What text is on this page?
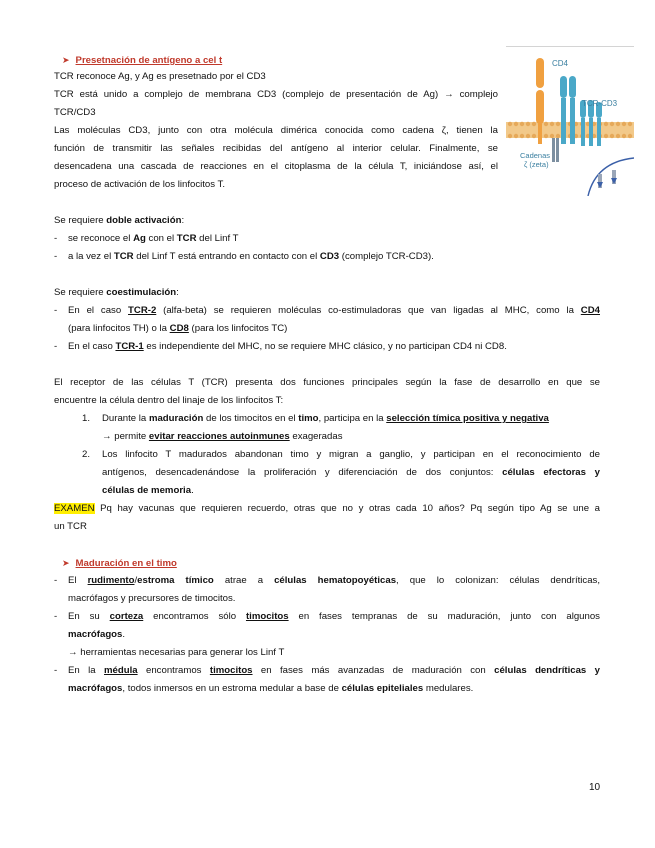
➤ Presetnación de antígeno a cel t
TCR reconoce Ag, y Ag es presetnado por el CD3
TCR está unido a complejo de membrana CD3 (complejo de presentación de Ag) → complejo
TCR/CD3
Las moléculas CD3, junto con otra molécula dimérica conocida como cadena ζ, tienen la
función de transmitir las señales recibidas del antígeno al interior celular. Finalmente, se
desencadena una cascada de reacciones en el citoplasma de la célula T, iniciándose así, el
proceso de activación de los linfocitos T.
CD4
TCR-CD3
Cadenas
ζ (zeta)
Se requiere doble activación:
- se reconoce el Ag con el TCR del Linf T
- a la vez el TCR del Linf T está entrando en contacto con el CD3 (complejo TCR-CD3).
Se requiere coestimulación:
- En el caso TCR-2 (alfa-beta) se requieren moléculas co-estimuladoras que van ligadas al MHC, como la CD4
(para linfocitos TH) o la CD8 (para los linfocitos TC)
- En el caso TCR-1 es independiente del MHC, no se requiere MHC clásico, y no participan CD4 ni CD8.
El receptor de las células T (TCR) presenta dos funciones principales según la fase de desarrollo en que se
encuentre la célula dentro del linaje de los linfocitos T:
1. Durante la maduración de los timocitos en el timo, participa en la selección tímica positiva y negativa
→ permite evitar reacciones autoinmunes exageradas
2. Los linfocito T madurados abandonan timo y migran a ganglio, y participan en el reconocimiento de
antígenos, desencadenándose la proliferación y diferenciación de dos conjuntos: células efectoras y
células de memoria.
EXAMEN Pq hay vacunas que requieren recuerdo, otras que no y otras cada 10 años? Pq según tipo Ag se une a
un TCR
➤ Maduración en el timo
- El rudimento/estroma tímico atrae a células hematopoyéticas, que lo colonizan: células dendríticas,
macrófagos y precursores de timocitos.
- En su corteza encontramos sólo timocitos en fases tempranas de su maduración, junto con algunos
macrófagos.
→ herramientas necesarias para generar los Linf T
- En la médula encontramos timocitos en fases más avanzadas de maduración con células dendríticas y
macrófagos, todos inmersos en un estroma medular a base de células epiteliales medulares.
10
